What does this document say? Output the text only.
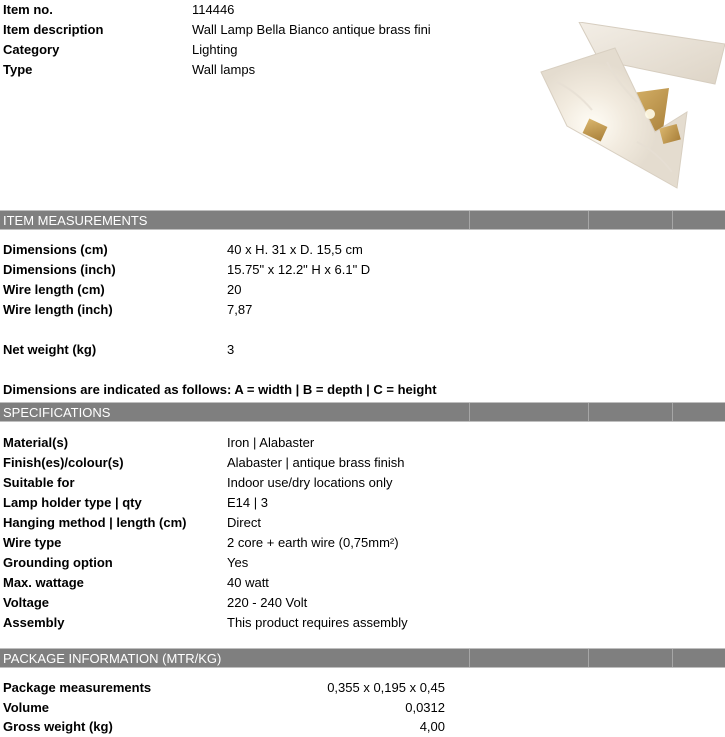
Item no.	114446
Item description	Wall Lamp Bella Bianco antique brass fini
Category	Lighting
Type	Wall lamps
ITEM MEASUREMENTS
Dimensions (cm)	40 x H. 31 x D. 15,5 cm
Dimensions (inch)	15.75" x 12.2" H x 6.1" D
Wire length (cm)	20
Wire length (inch)	7,87
Net weight (kg)	3
Dimensions are indicated as follows: A = width | B = depth | C = height
SPECIFICATIONS
Material(s)	Iron | Alabaster
Finish(es)/colour(s)	Alabaster | antique brass finish
Suitable for	Indoor use/dry locations only
Lamp holder type | qty	E14 | 3
Hanging method | length (cm)	Direct
Wire type	2 core + earth wire (0,75mm²)
Grounding option	Yes
Max. wattage	40 watt
Voltage	220 - 240 Volt
Assembly	This product requires assembly
PACKAGE INFORMATION (MTR/KG)
Package measurements	0,355 x 0,195 x 0,45
Volume	0,0312
Gross weight (kg)	4,00
